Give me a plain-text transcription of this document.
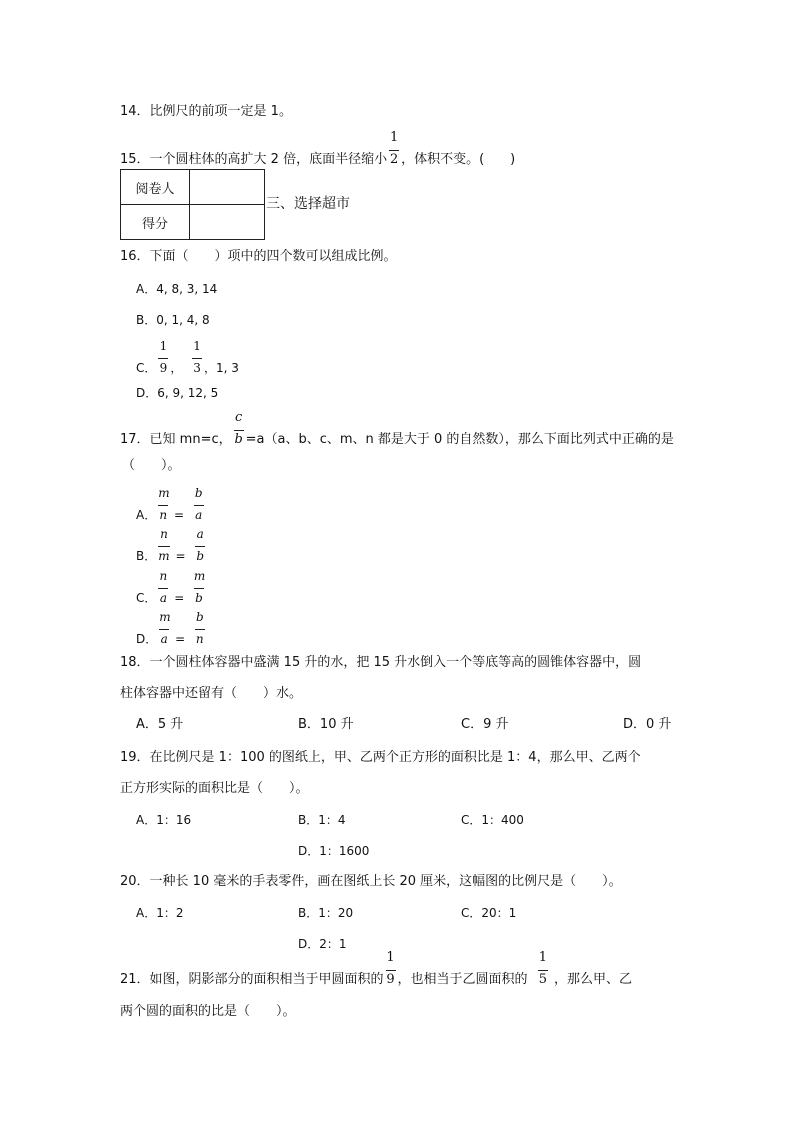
14．比例尺的前项一定是 1。
15．一个圆柱体的高扩大 2 倍，底面半径缩小 $\frac{1}{2}$ ，体积不变。(　　)
阅卷人	
得分	
三、选择超市
16．下面（　　）项中的四个数可以组成比例。
A．4, 8, 3, 14
B．0, 1, 4, 8
C． $\frac{1}{9}$ ， $\frac{1}{3}$ ，1, 3
D．6, 9, 12, 5
17．已知 mn=c， $\frac{c}{b} =a(a$、b、c、m、n 都是大于 0 的自然数），那么下面比列式中正确的是
（　　）。
A． $\frac{m}{n} = \frac{b}{a}$
B． $\frac{n}{m} = \frac{a}{b}$
C． $\frac{n}{a} = \frac{m}{b}$
D． $\frac{m}{a} = \frac{b}{n}$
18．一个圆柱体容器中盛满 15 升的水，把 15 升水倒入一个等底等高的圆锥体容器中，圆
柱体容器中还留有（　　）水。
A．5 升	B．10 升	C．9 升	D．0 升
19．在比例尺是 1：100 的图纸上，甲、乙两个正方形的面积比是 1：4，那么甲、乙两个
正方形实际的面积比是（　　）。
A．1：16	B．1：4	C．1：400
D．1：1600
20．一种长 10 毫米的手表零件，画在图纸上长 20 厘米，这幅图的比例尺是（　　）。
A．1：2	B．1：20	C．20：1
D．2：1
21．如图，阴影部分的面积相当于甲圆面积的 $\frac{1}{9}$ ，也相当于乙圆面积的 $\frac{1}{5}$ ，那么甲、乙
两个圆的面积的比是（　　）。
